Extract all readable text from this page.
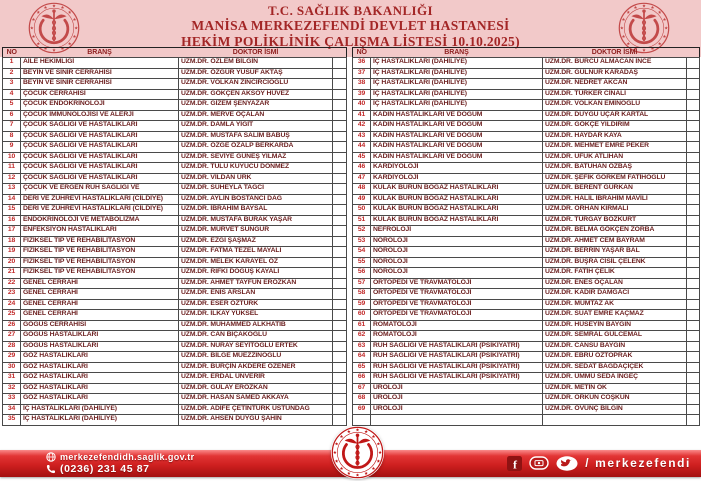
T.C. SAĞLIK BAKANLIĞI
MANİSA MERKEZEFENDİ DEVLET HASTANESİ
HEKİM POLİKLİNİK ÇALIŞMA LİSTESİ 10.10.2025)
NO	BRANŞ	DOKTOR İSMİ	
1	AİLE HEKİMLİĞİ	UZM.DR. ÖZLEM BİLGİN	
2	BEYİN VE SİNİR CERRAHİSİ	UZM.DR. ÖZGÜR YUSUF AKTAŞ	
3	BEYİN VE SİNİR CERRAHİSİ	UZM.DR. VOLKAN ZINCIRCIOĞLU	
4	ÇOCUK CERRAHİSİ	UZM.DR. GÖKÇEN AKSOY HÜVEZ	
5	ÇOCUK ENDOKRİNOLOJİ	UZM.DR. GİZEM ŞENYAZAR	
6	ÇOCUK İMMÜNOLOJİSİ VE ALERJİ	UZM.DR. MERVE ÖÇALAN	
7	ÇOCUK SAĞLIĞI VE HASTALIKLARI	UZM.DR. DAMLA YİĞİT	
8	ÇOCUK SAĞLIĞI VE HASTALIKLARI	UZM.DR. MUSTAFA SALİM BABUŞ	
9	ÇOCUK SAĞLIĞI VE HASTALIKLARI	UZM.DR. ÖZGE ÖZALP BERKARDA	
10	ÇOCUK SAĞLIĞI VE HASTALIKLARI	UZM.DR. SEVİYE GÜNEŞ YILMAZ	
11	ÇOCUK SAĞLIĞI VE HASTALIKLARI	UZM.DR. TULU KUYUCU DÖNMEZ	
12	ÇOCUK SAĞLIĞI VE HASTALIKLARI	UZM.DR. VİLDAN ÜRK	
13	ÇOCUK VE ERGEN RUH SAĞLIĞI VE	UZM.DR. SÜHEYLA TAĞCI	
14	DERİ VE ZÜHREVİ HASTALIKLARI (CİLDİYE)	UZM.DR. AYLİN BOSTANCI DAĞ	
15	DERİ VE ZÜHREVİ HASTALIKLARI (CİLDİYE)	UZM.DR. İBRAHİM BAYSAL	
16	ENDOKRİNOLOJİ VE METABOLİZMA	UZM.DR. MUSTAFA BURAK YAŞAR	
17	ENFEKSİYON HASTALIKLARI	UZM.DR. MÜRVET SUNGUR	
18	FİZİKSEL TIP VE REHABİLİTASYON	UZM.DR. EZGİ ŞAŞMAZ	
19	FİZİKSEL TIP VE REHABİLİTASYON	UZM.DR. FATMA TEZEL MAYALI	
20	FİZİKSEL TIP VE REHABİLİTASYON	UZM.DR. MELEK KARAYEL ÖZ	
21	FİZİKSEL TIP VE REHABİLİTASYON	UZM.DR. RIFKI DOĞUŞ KAYALI	
22	GENEL CERRAHİ	UZM.DR. AHMET TAYFUN ERÖZKAN	
23	GENEL CERRAHİ	UZM.DR. ENİS ARSLAN	
24	GENEL CERRAHİ	UZM.DR. ESER ÖZTÜRK	
25	GENEL CERRAHİ	UZM.DR. İLKAY YÜKSEL	
26	GÖĞÜS CERRAHİSİ	UZM.DR. MUHAMMED ALKHATIB	
27	GÖĞÜS HASTALIKLARI	UZM.DR. CAN BIÇAKOĞLU	
28	GÖĞÜS HASTALIKLARI	UZM.DR. NURAY SEYİTOĞLU ERTEK	
29	GÖZ HASTALIKLARI	UZM.DR. BİLGE MÜEZZINOĞLU	
30	GÖZ HASTALIKLARI	UZM.DR. BURÇİN AKDERE ÖZENER	
31	GÖZ HASTALIKLARI	UZM.DR. ERDAL ÜNVERİR	
32	GÖZ HASTALIKLARI	UZM.DR. GÜLAY ERÖZKAN	
33	GÖZ HASTALIKLARI	UZM.DR. HASAN SAMED AKKAYA	
34	İÇ HASTALIKLARI (DAHİLİYE)	UZM.DR. ADİFE ÇETİNTÜRK ÜSTÜNDAĞ	
35	İÇ HASTALIKLARI (DAHİLİYE)	UZM.DR. AHSEN DUYGU ŞAHİN	
NO	BRANŞ	DOKTOR İSMİ	
36	İÇ HASTALIKLARI (DAHİLİYE)	UZM.DR. BURCU ALMACAN İNCE	
37	İÇ HASTALIKLARI (DAHİLİYE)	UZM.DR. GÜLNUR KARADAŞ	
38	İÇ HASTALIKLARI (DAHİLİYE)	UZM.DR. NEDRET AKCAN	
39	İÇ HASTALIKLARI (DAHİLİYE)	UZM.DR. TÜRKER CİNALİ	
40	İÇ HASTALIKLARI (DAHİLİYE)	UZM.DR. VOLKAN EMİNOĞLU	
41	KADIN HASTALIKLARI VE DOĞUM	UZM.DR. DUYGU UÇAR KARTAL	
42	KADIN HASTALIKLARI VE DOĞUM	UZM.DR. GÖKÇE YILDIRIM	
43	KADIN HASTALIKLARI VE DOĞUM	UZM.DR. HAYDAR KAYA	
44	KADIN HASTALIKLARI VE DOĞUM	UZM.DR. MEHMET EMRE PEKER	
45	KADIN HASTALIKLARI VE DOĞUM	UZM.DR. UFUK ATLIHAN	
46	KARDİYOLOJİ	UZM.DR. BATUHAN ÖZBAŞ	
47	KARDİYOLOJİ	UZM.DR. ŞEFİK GÖRKEM FATİHOĞLU	
48	KULAK BURUN BOĞAZ HASTALIKLARI	UZM.DR. BERENT GÜRKAN	
49	KULAK BURUN BOĞAZ HASTALIKLARI	UZM.DR. HALİL İBRAHİM MAVİLİ	
50	KULAK BURUN BOĞAZ HASTALIKLARI	UZM.DR. ORHAN KIRMALI	
51	KULAK BURUN BOĞAZ HASTALIKLARI	UZM.DR. TURGAY BOZKURT	
52	NEFROLOJİ	UZM.DR. BELMA GÖKÇEN ZORBA	
53	NÖROLOJİ	UZM.DR. AHMET CEM BAYRAM	
54	NÖROLOJİ	UZM.DR. BERRİN YAŞAR BAL	
55	NÖROLOJİ	UZM.DR. BÜŞRA CİSİL ÇELENK	
56	NÖROLOJİ	UZM.DR. FATİH ÇELİK	
57	ORTOPEDİ VE TRAVMATOLOJİ	UZM.DR. ENES ÖÇALAN	
58	ORTOPEDİ VE TRAVMATOLOJİ	UZM.DR. KADİR DAMGACI	
59	ORTOPEDİ VE TRAVMATOLOJİ	UZM.DR. MÜMTAZ AK	
60	ORTOPEDİ VE TRAVMATOLOJİ	UZM.DR. SUAT EMRE KAÇMAZ	
61	ROMATOLOJİ	UZM.DR. HÜSEYİN BAYĞIN	
62	ROMATOLOJİ	UZM.DR. SEMRAL GÜLCEMAL	
63	RUH SAĞLIĞI VE HASTALIKLARI (PSİKİYATRİ)	UZM.DR. CANSU BAYĞIN	
64	RUH SAĞLIĞI VE HASTALIKLARI (PSİKİYATRİ)	UZM.DR. EBRU ÖZTOPRAK	
65	RUH SAĞLIĞI VE HASTALIKLARI (PSİKİYATRİ)	UZM.DR. SEDAT BAĞDAÇİÇEK	
66	RUH SAĞLIĞI VE HASTALIKLARI (PSİKİYATRİ)	UZM.DR. ÜMMÜ SEDA İNGEÇ	
67	ÜROLOJİ	UZM.DR. METİN OK	
68	ÜROLOJİ	UZM.DR. ORKUN COŞKUN	
69	ÜROLOJİ	UZM.DR. ÖVÜNÇ BİLGİN	

merkezefendidh.saglik.gov.tr
(0236) 231 45 87	f	/ merkezefendi
